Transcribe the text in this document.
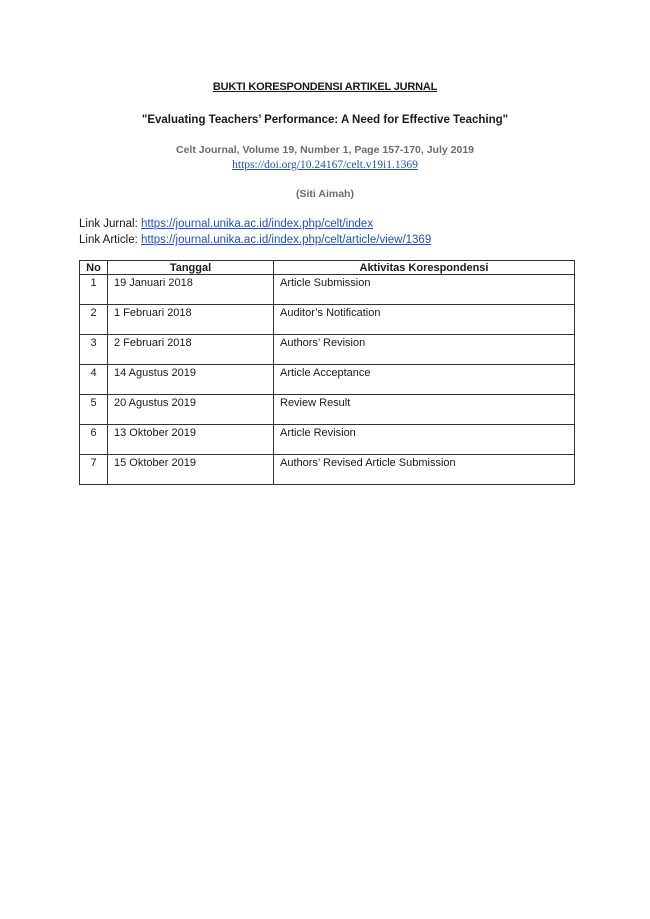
BUKTI KORESPONDENSI ARTIKEL JURNAL
"Evaluating Teachers’ Performance: A Need for Effective Teaching"
Celt Journal, Volume 19, Number 1, Page 157-170, July 2019
https://doi.org/10.24167/celt.v19i1.1369
(Siti Aimah)
Link Jurnal: https://journal.unika.ac.id/index.php/celt/index
Link Article: https://journal.unika.ac.id/index.php/celt/article/view/1369
No	Tanggal	Aktivitas Korespondensi
1	19 Januari 2018	Article Submission
2	1 Februari 2018	Auditor’s Notification
3	2 Februari 2018	Authors’ Revision
4	14 Agustus 2019	Article Acceptance
5	20 Agustus 2019	Review Result
6	13 Oktober 2019	Article Revision
7	15 Oktober 2019	Authors’ Revised Article Submission
